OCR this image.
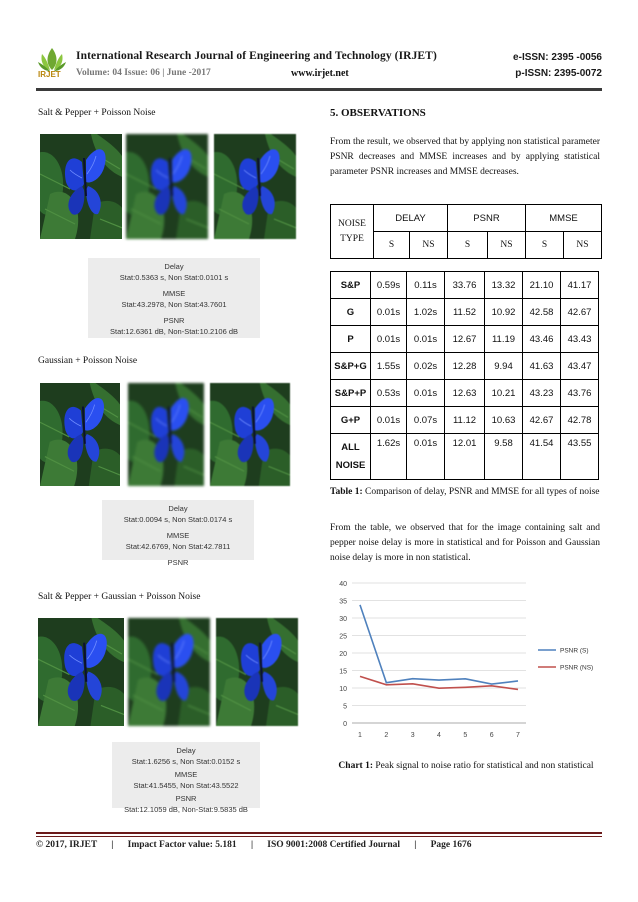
IRJET
International Research Journal of Engineering and Technology (IRJET)	e-ISSN: 2395 -0056
Volume: 04 Issue: 06 | June -2017	www.irjet.net	p-ISSN: 2395-0072
Salt & Pepper + Poisson Noise
Delay
Stat:0.5363 s, Non Stat:0.0101 s
MMSE
Stat:43.2978, Non Stat:43.7601
PSNR
Stat:12.6361 dB, Non-Stat:10.2106 dB
Gaussian + Poisson Noise
Delay
Stat:0.0094 s, Non Stat:0.0174 s
MMSE
Stat:42.6769, Non Stat:42.7811
PSNR
Salt & Pepper + Gaussian + Poisson Noise
Delay
Stat:1.6256 s, Non Stat:0.0152 s
MMSE
Stat:41.5455, Non Stat:43.5522
PSNR
Stat:12.1059 dB, Non-Stat:9.5835 dB
5. OBSERVATIONS
From the result, we observed that by applying non statistical parameter PSNR decreases and MMSE increases and by applying statistical parameter PSNR increases and MMSE decreases.
NOISE
TYPE	DELAY		PSNR		MMSE	
	S	NS	S	NS	S	NS
S&P	0.59s	0.11s	33.76	13.32	21.10	41.17
G	0.01s	1.02s	11.52	10.92	42.58	42.67
P	0.01s	0.01s	12.67	11.19	43.46	43.43
S&P+G	1.55s	0.02s	12.28	9.94	41.63	43.47
S&P+P	0.53s	0.01s	12.63	10.21	43.23	43.76
G+P	0.01s	0.07s	11.12	10.63	42.67	42.78
ALL
NOISE	1.62s	0.01s	12.01	9.58	41.54	43.55
Table 1: Comparison of delay, PSNR and MMSE for all types of noise
From the table, we observed that for the image containing salt and pepper noise delay is more in statistical and for Poisson and Gaussian noise delay is more in non statistical.
0
5
10
15
20
25
30
35
40
1	2	3	4	5	6	7
PSNR (S)
PSNR (NS)
Chart 1: Peak signal to noise ratio for statistical and non statistical
© 2017, IRJET      |      Impact Factor value: 5.181      |      ISO 9001:2008 Certified Journal      |      Page 1676
